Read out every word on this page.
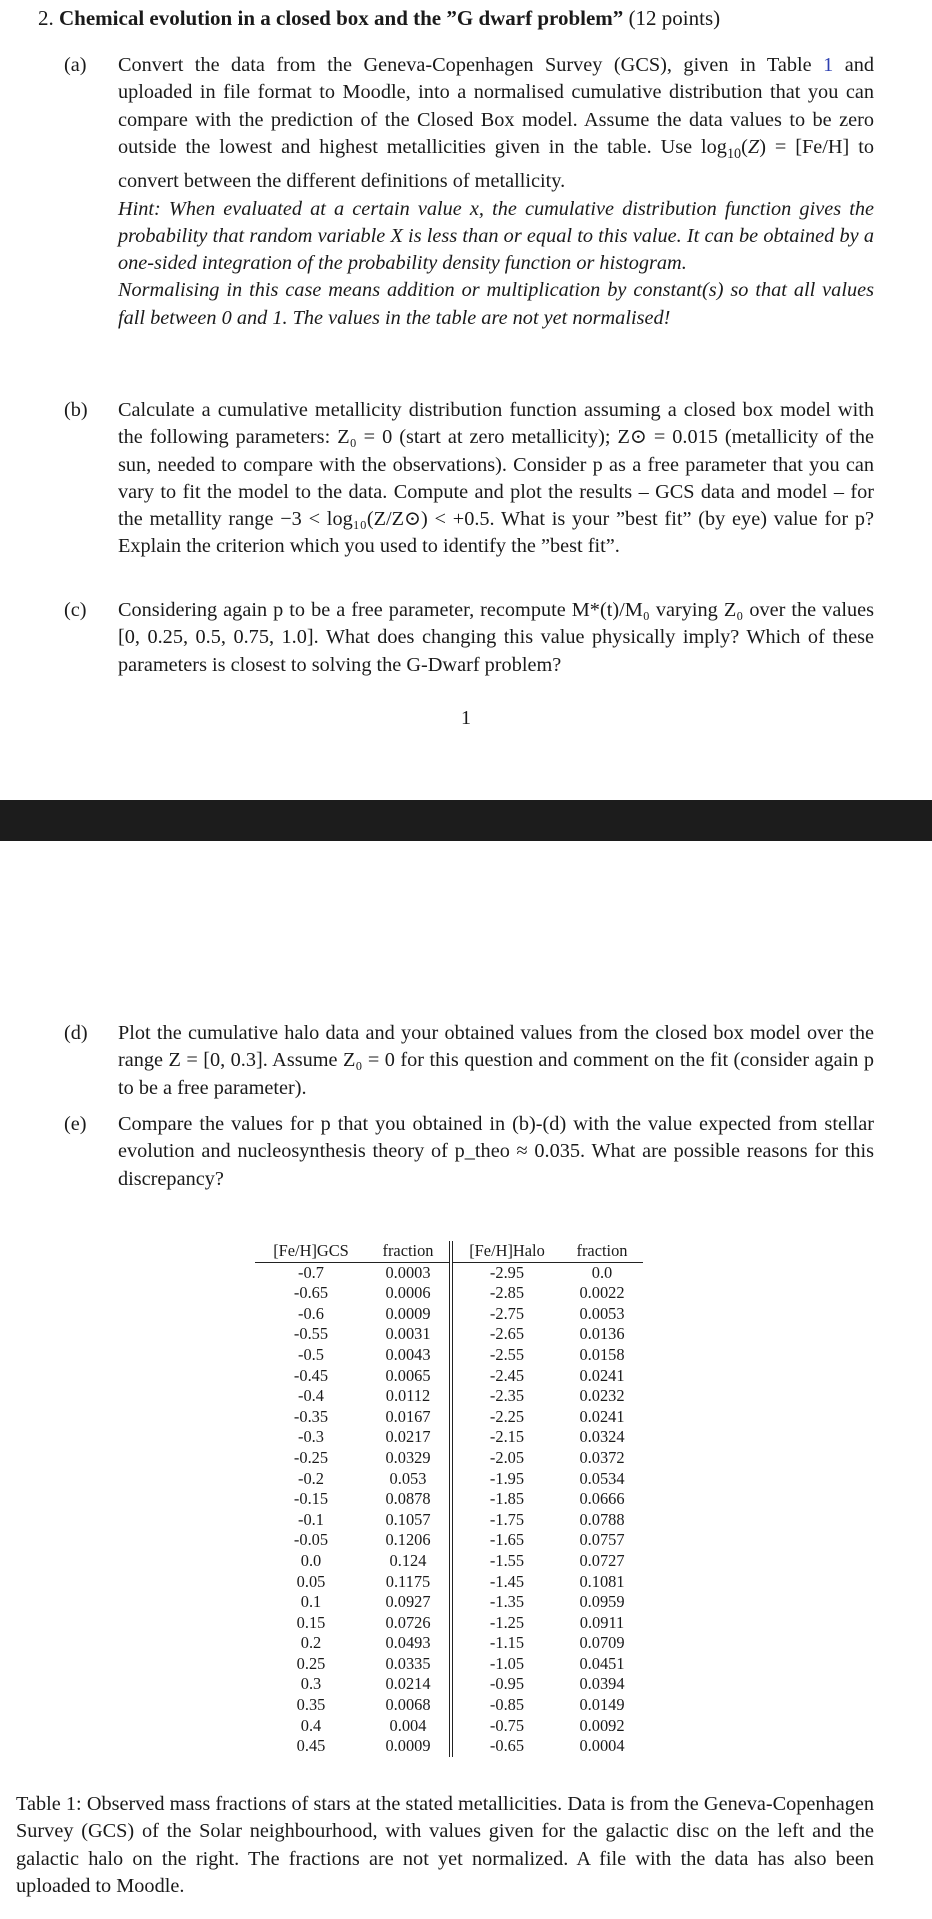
2. Chemical evolution in a closed box and the ”G dwarf problem” (12 points)
(a) Convert the data from the Geneva-Copenhagen Survey (GCS), given in Table 1 and uploaded in file format to Moodle, into a normalised cumulative distribution that you can compare with the prediction of the Closed Box model. Assume the data values to be zero outside the lowest and highest metallicities given in the table. Use $\log_{10}(Z) = [Fe/H]$ to convert between the different definitions of metallicity.
Hint: When evaluated at a certain value x, the cumulative distribution function gives the probability that random variable X is less than or equal to this value. It can be obtained by a one-sided integration of the probability density function or histogram.
Normalising in this case means addition or multiplication by constant(s) so that all values fall between 0 and 1. The values in the table are not yet normalised!
(b) Calculate a cumulative metallicity distribution function assuming a closed box model with the following parameters: Z₀ = 0 (start at zero metallicity); Z⊙ = 0.015 (metallicity of the sun, needed to compare with the observations). Consider p as a free parameter that you can vary to fit the model to the data. Compute and plot the results – GCS data and model – for the metallity range −3 < log₁₀(Z/Z⊙) < +0.5. What is your ”best fit” (by eye) value for p? Explain the criterion which you used to identify the ”best fit”.
(c) Considering again p to be a free parameter, recompute M*(t)/M₀ varying Z₀ over the values [0, 0.25, 0.5, 0.75, 1.0]. What does changing this value physically imply? Which of these parameters is closest to solving the G-Dwarf problem?
1
(d) Plot the cumulative halo data and your obtained values from the closed box model over the range Z = [0, 0.3]. Assume Z₀ = 0 for this question and comment on the fit (consider again p to be a free parameter).
(e) Compare the values for p that you obtained in (b)-(d) with the value expected from stellar evolution and nucleosynthesis theory of p_theo ≈ 0.035. What are possible reasons for this discrepancy?
[Fe/H]GCS	fraction	[Fe/H]Halo	fraction
-0.7	0.0003	-2.95	0.0
-0.65	0.0006	-2.85	0.0022
-0.6	0.0009	-2.75	0.0053
-0.55	0.0031	-2.65	0.0136
-0.5	0.0043	-2.55	0.0158
-0.45	0.0065	-2.45	0.0241
-0.4	0.0112	-2.35	0.0232
-0.35	0.0167	-2.25	0.0241
-0.3	0.0217	-2.15	0.0324
-0.25	0.0329	-2.05	0.0372
-0.2	0.053	-1.95	0.0534
-0.15	0.0878	-1.85	0.0666
-0.1	0.1057	-1.75	0.0788
-0.05	0.1206	-1.65	0.0757
0.0	0.124	-1.55	0.0727
0.05	0.1175	-1.45	0.1081
0.1	0.0927	-1.35	0.0959
0.15	0.0726	-1.25	0.0911
0.2	0.0493	-1.15	0.0709
0.25	0.0335	-1.05	0.0451
0.3	0.0214	-0.95	0.0394
0.35	0.0068	-0.85	0.0149
0.4	0.004	-0.75	0.0092
0.45	0.0009	-0.65	0.0004
Table 1: Observed mass fractions of stars at the stated metallicities. Data is from the Geneva-Copenhagen Survey (GCS) of the Solar neighbourhood, with values given for the galactic disc on the left and the galactic halo on the right. The fractions are not yet normalized. A file with the data has also been uploaded to Moodle.
